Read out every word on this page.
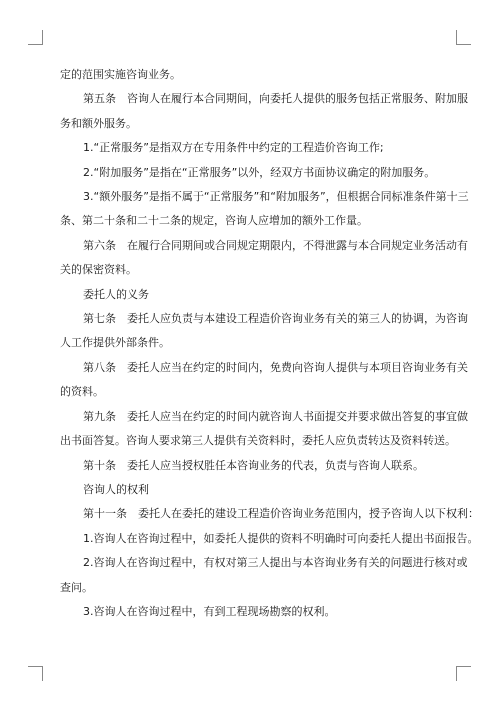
定的范围实施咨询业务。
第五条　咨询人在履行本合同期间，向委托人提供的服务包括正常服务、附加服
务和额外服务。
1.“正常服务”是指双方在专用条件中约定的工程造价咨询工作;
2.“附加服务”是指在“正常服务”以外，经双方书面协议确定的附加服务。
3.“额外服务”是指不属于“正常服务”和“附加服务”，但根据合同标准条件第十三
条、第二十条和二十二条的规定，咨询人应增加的额外工作量。
第六条　在履行合同期间或合同规定期限内，不得泄露与本合同规定业务活动有
关的保密资料。
委托人的义务
第七条　委托人应负责与本建设工程造价咨询业务有关的第三人的协调，为咨询
人工作提供外部条件。
第八条　委托人应当在约定的时间内，免费向咨询人提供与本项目咨询业务有关
的资料。
第九条　委托人应当在约定的时间内就咨询人书面提交并要求做出答复的事宜做
出书面答复。咨询人要求第三人提供有关资料时，委托人应负责转达及资料转送。
第十条　委托人应当授权胜任本咨询业务的代表，负责与咨询人联系。
咨询人的权利
第十一条　委托人在委托的建设工程造价咨询业务范围内，授予咨询人以下权利：
1.咨询人在咨询过程中，如委托人提供的资料不明确时可向委托人提出书面报告。
2.咨询人在咨询过程中，有权对第三人提出与本咨询业务有关的问题进行核对或
查问。
3.咨询人在咨询过程中，有到工程现场勘察的权利。
